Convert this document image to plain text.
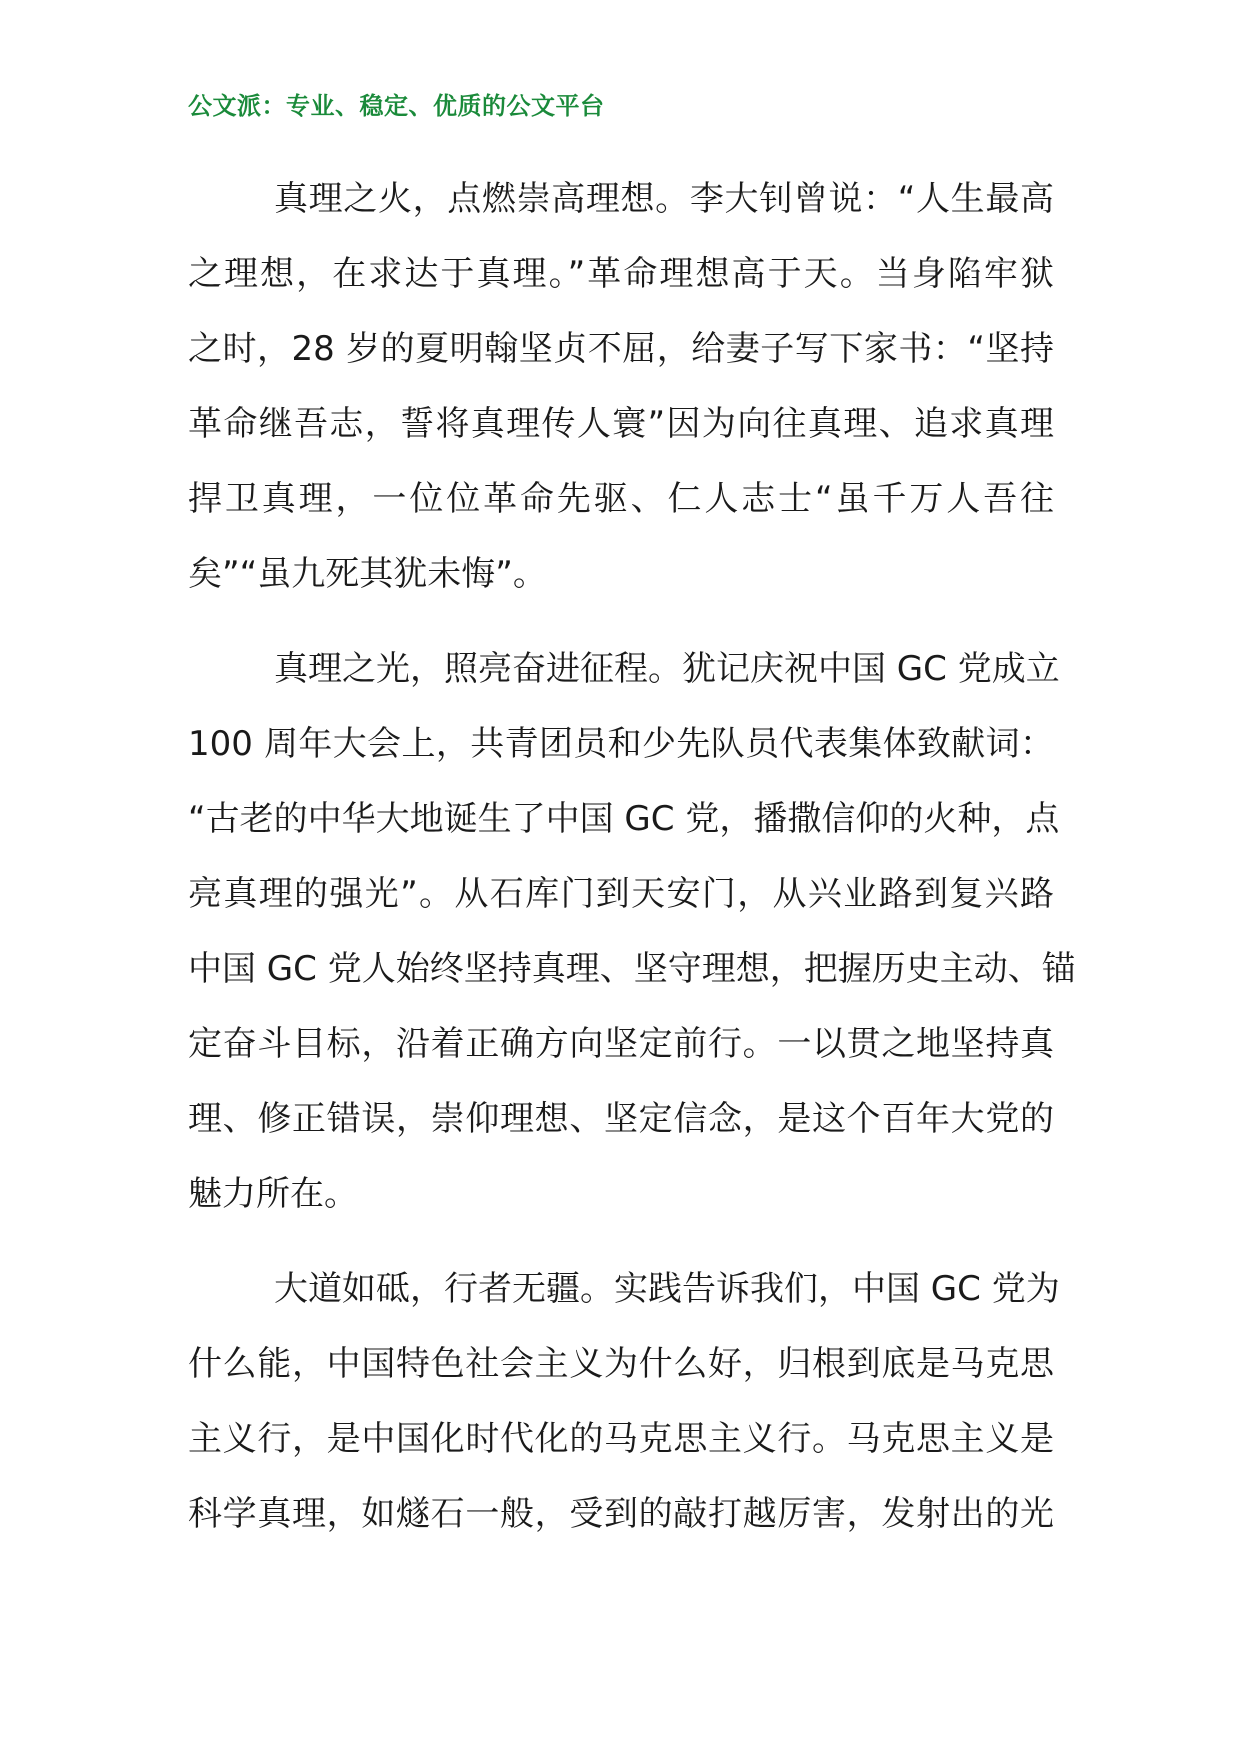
公文派：专业、稳定、优质的公文平台

真理之火，点燃崇高理想。李大钊曾说：“人生最高
之理想，在求达于真理。”革命理想高于天。当身陷牢狱
之时，28 岁的夏明翰坚贞不屈，给妻子写下家书：“坚持
革命继吾志，誓将真理传人寰”因为向往真理、追求真理
捍卫真理，一位位革命先驱、仁人志士“虽千万人吾往
矣”“虽九死其犹未悔”。

真理之光，照亮奋进征程。犹记庆祝中国 GC 党成立
100 周年大会上，共青团员和少先队员代表集体致献词：
“古老的中华大地诞生了中国 GC 党，播撒信仰的火种，点
亮真理的强光”。从石库门到天安门，从兴业路到复兴路
中国 GC 党人始终坚持真理、坚守理想，把握历史主动、锚
定奋斗目标，沿着正确方向坚定前行。一以贯之地坚持真
理、修正错误，崇仰理想、坚定信念，是这个百年大党的
魅力所在。

大道如砥，行者无疆。实践告诉我们，中国 GC 党为
什么能，中国特色社会主义为什么好，归根到底是马克思
主义行，是中国化时代化的马克思主义行。马克思主义是
科学真理，如燧石一般，受到的敲打越厉害，发射出的光
